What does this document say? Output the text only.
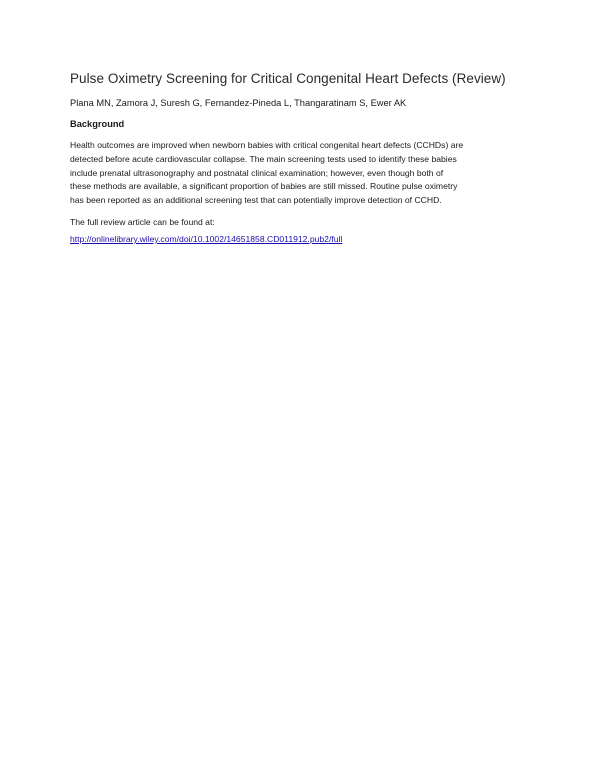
Pulse Oximetry Screening for Critical Congenital Heart Defects (Review)
Plana MN, Zamora J, Suresh G, Fernandez-Pineda L, Thangaratinam S, Ewer AK
Background
Health outcomes are improved when newborn babies with critical congenital heart defects (CCHDs) are
detected before acute cardiovascular collapse. The main screening tests used to identify these babies
include prenatal ultrasonography and postnatal clinical examination; however, even though both of
these methods are available, a significant proportion of babies are still missed. Routine pulse oximetry
has been reported as an additional screening test that can potentially improve detection of CCHD.
The full review article can be found at:
http://onlinelibrary.wiley.com/doi/10.1002/14651858.CD011912.pub2/full
